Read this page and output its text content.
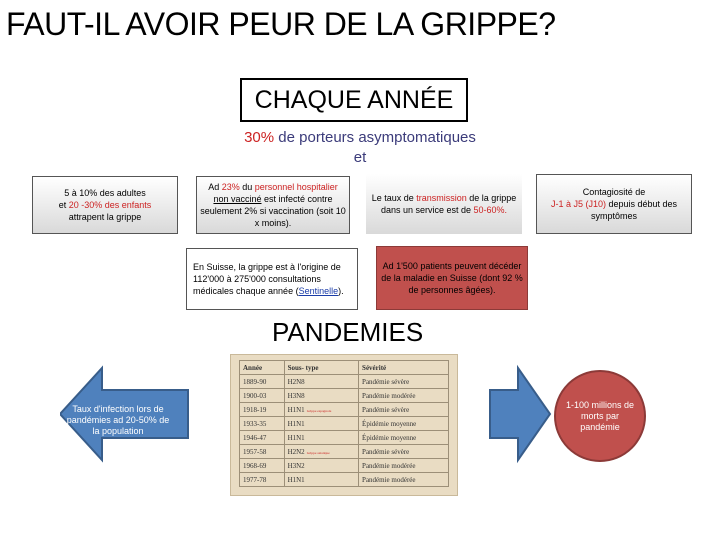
FAUT-IL AVOIR PEUR DE LA GRIPPE?
CHAQUE ANNÉE
30% de porteurs asymptomatiques
et
5 à 10% des adultes
et 20 -30% des enfants
attrapent la grippe
Ad 23% du personnel hospitalier
non vacciné est infecté contre seulement 2% si vaccination (soit 10 x moins).
Le taux de transmission de la grippe dans un service est de 50-60%.
Contagiosité de
J-1 à J5 (J10) depuis début des symptômes
En Suisse, la grippe est à l'origine de 112'000 à 275'000 consultations médicales chaque année (Sentinelle).
Ad 1'500 patients peuvent décéder de la maladie en Suisse (dont 92 % de personnes âgées).
PANDEMIES
Année	Sous- type	Sévérité
1889-90	H2N8	Pandémie sévère
1900-03	H3N8	Pandémie modérée
1918-19	H1N1 Grippe espagnole	Pandémie sévère
1933-35	H1N1	Épidémie moyenne
1946-47	H1N1	Épidémie moyenne
1957-58	H2N2 Grippe asiatique	Pandémie sévère
1968-69	H3N2	Pandémie modérée
1977-78	H1N1	Pandémie modérée
Taux d'infection lors de pandémies ad 20-50% de la population
1-100 millions de morts par pandémie
